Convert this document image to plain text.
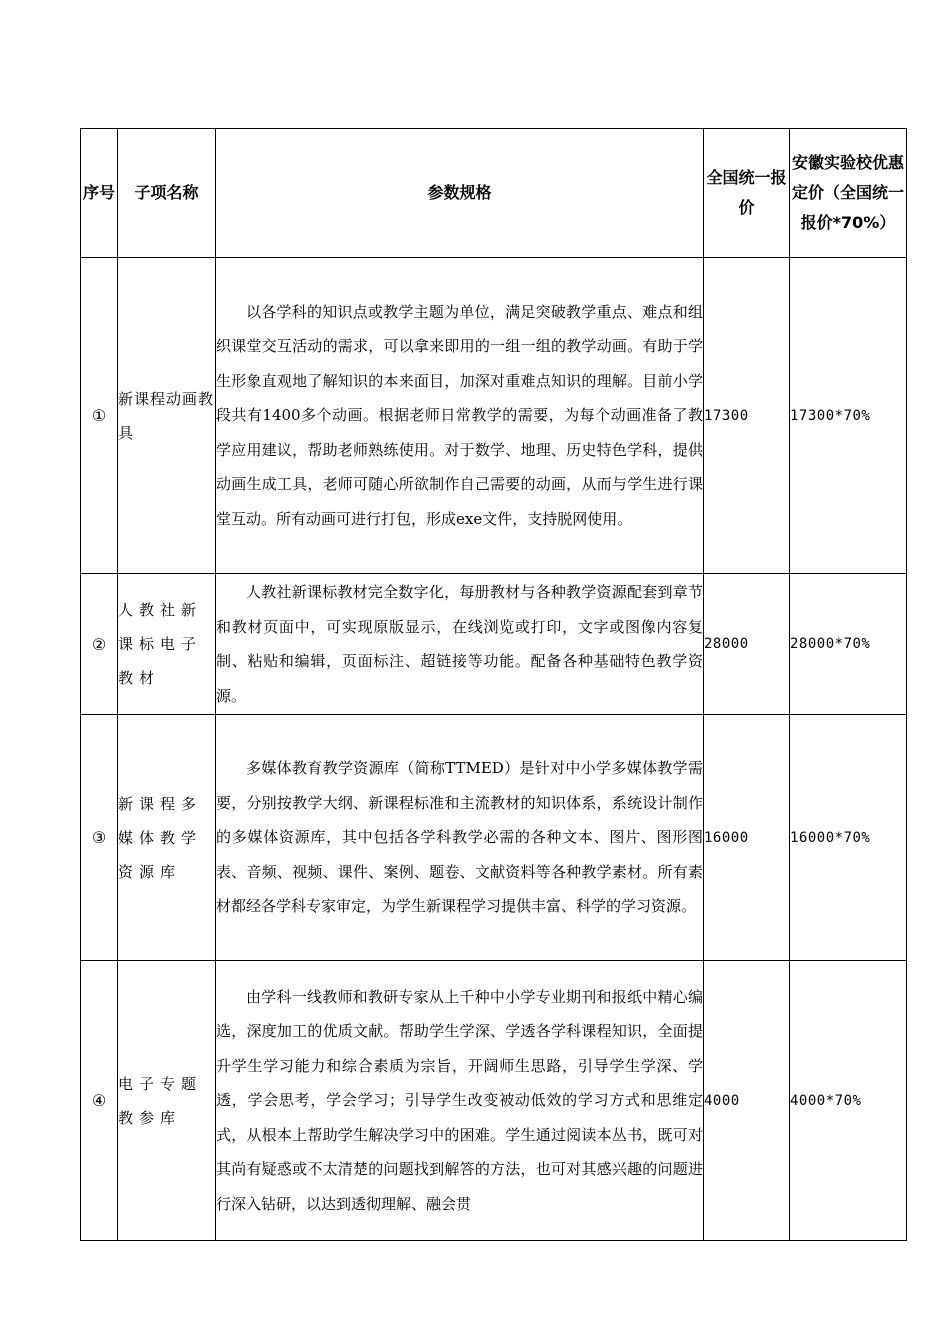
序号	子项名称	参数规格	全国统一报价	安徽实验校优惠定价（全国统一报价*70%）
①	新课程动画教具	以各学科的知识点或教学主题为单位，满足突破教学重点、难点和组织课堂交互活动的需求，可以拿来即用的一组一组的教学动画。有助于学生形象直观地了解知识的本来面目，加深对重难点知识的理解。目前小学段共有1400多个动画。根据老师日常教学的需要，为每个动画准备了教学应用建议，帮助老师熟练使用。对于数学、地理、历史特色学科，提供动画生成工具，老师可随心所欲制作自己需要的动画，从而与学生进行课堂互动。所有动画可进行打包，形成exe文件，支持脱网使用。	17300	17300*70%
②	人教社新课标电子教材	人教社新课标教材完全数字化，每册教材与各种教学资源配套到章节和教材页面中，可实现原版显示，在线浏览或打印，文字或图像内容复制、粘贴和编辑，页面标注、超链接等功能。配备各种基础特色教学资源。	28000	28000*70%
③	新课程多媒体教学资源库	多媒体教育教学资源库（简称TTMED）是针对中小学多媒体教学需要，分别按教学大纲、新课程标准和主流教材的知识体系，系统设计制作的多媒体资源库，其中包括各学科教学必需的各种文本、图片、图形图表、音频、视频、课件、案例、题卷、文献资料等各种教学素材。所有素材都经各学科专家审定，为学生新课程学习提供丰富、科学的学习资源。	16000	16000*70%
④	电子专题教参库	由学科一线教师和教研专家从上千种中小学专业期刊和报纸中精心编选，深度加工的优质文献。帮助学生学深、学透各学科课程知识，全面提升学生学习能力和综合素质为宗旨，开阔师生思路，引导学生学深、学透，学会思考，学会学习；引导学生改变被动低效的学习方式和思维定式，从根本上帮助学生解决学习中的困难。学生通过阅读本丛书，既可对其尚有疑惑或不太清楚的问题找到解答的方法，也可对其感兴趣的问题进行深入钻研，以达到透彻理解、融会贯	4000	4000*70%
